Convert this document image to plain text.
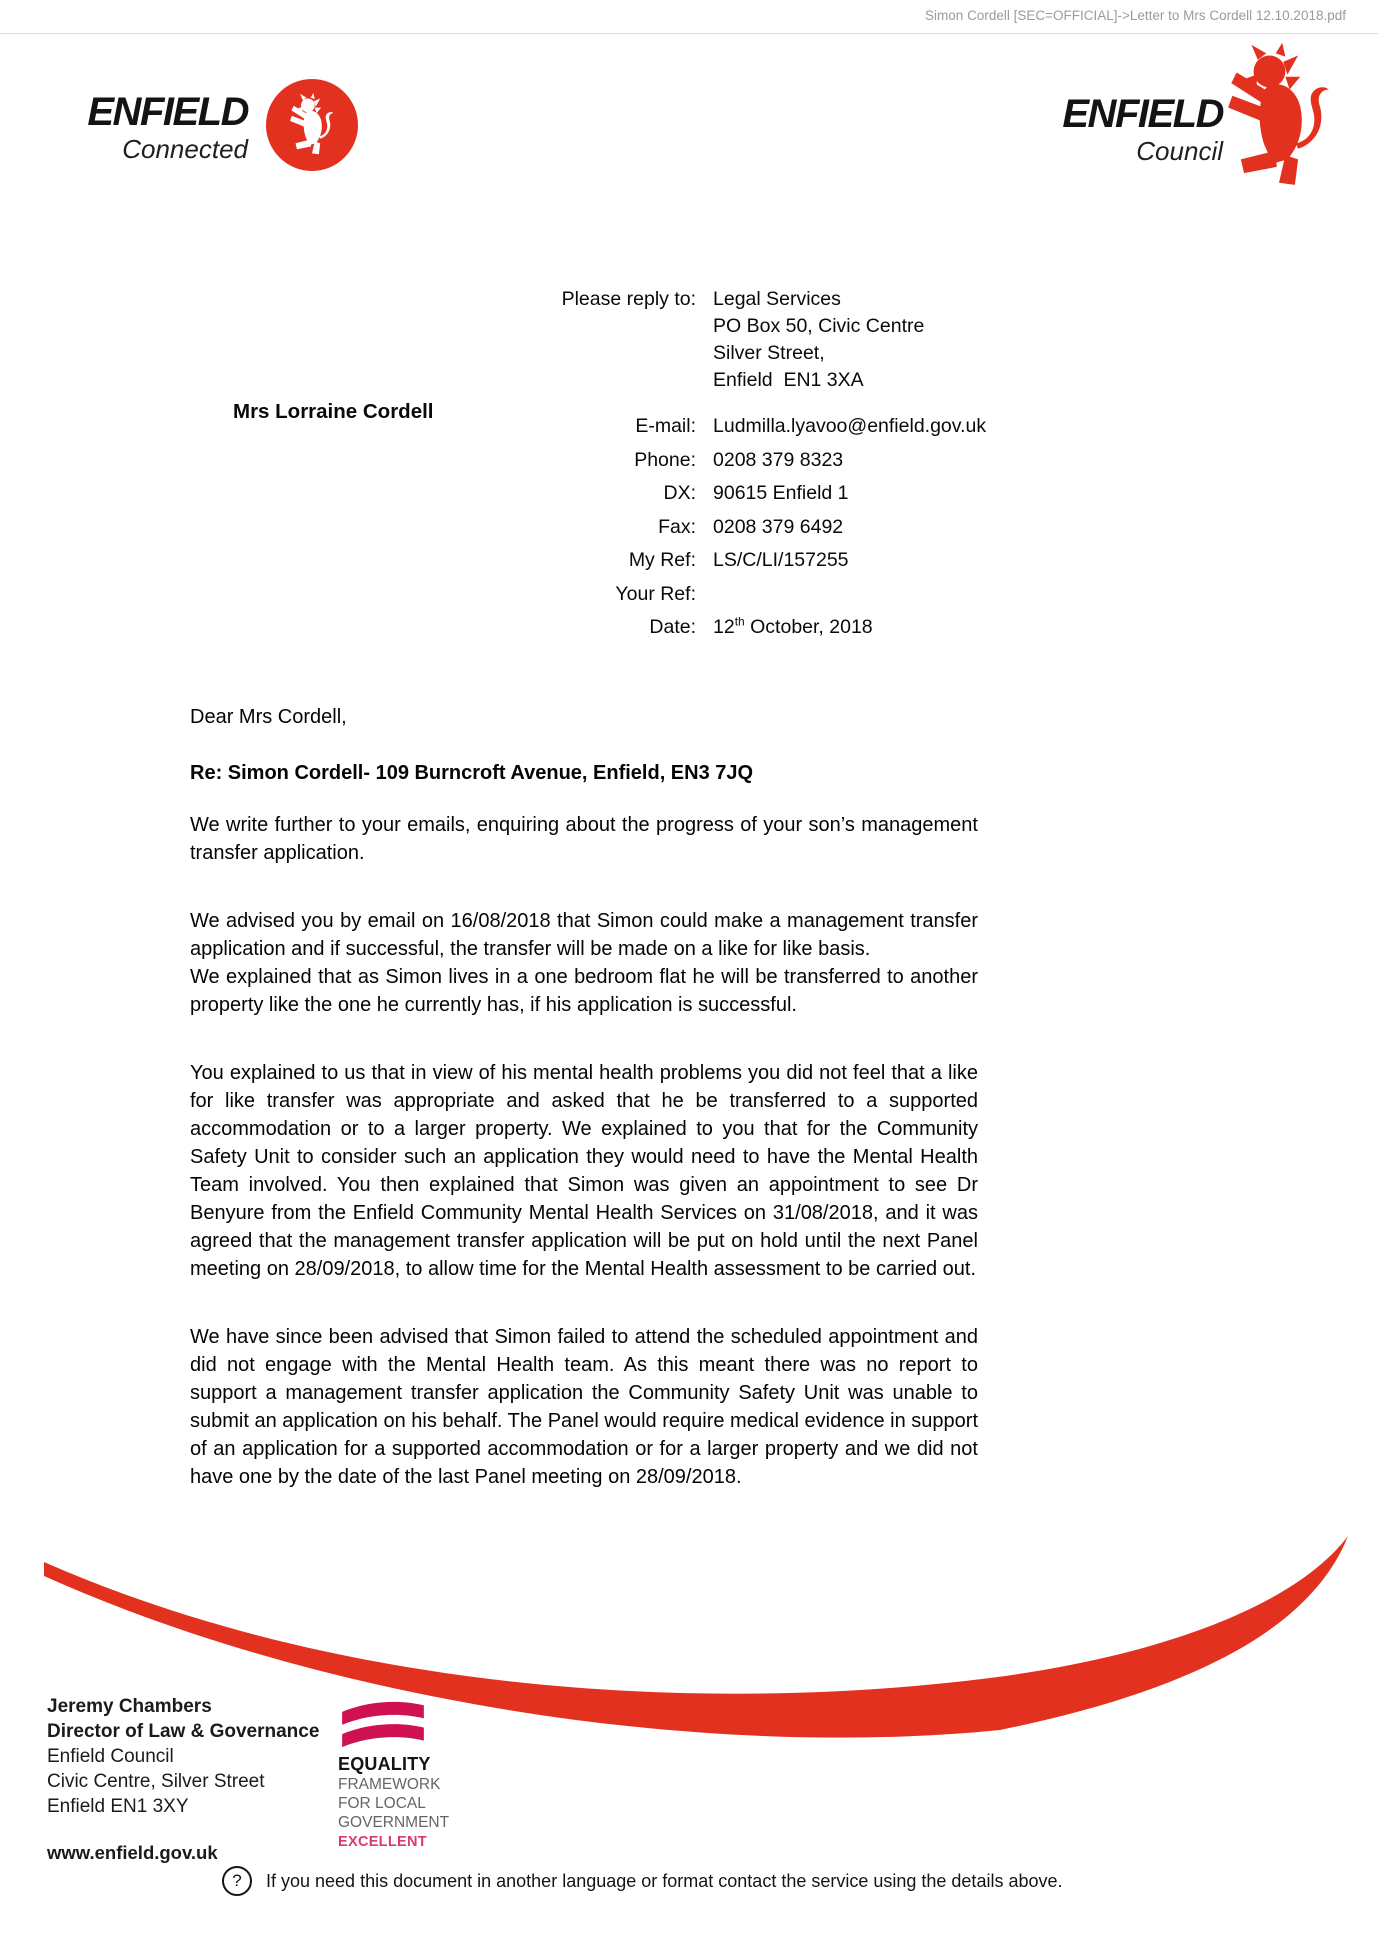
Simon Cordell [SEC=OFFICIAL]->Letter to Mrs Cordell 12.10.2018.pdf
ENFIELD
Connected
ENFIELD
Council
Mrs Lorraine Cordell
Please reply to: Legal Services
PO Box 50, Civic Centre
Silver Street,
Enfield  EN1 3XA
E-mail: Ludmilla.lyavoo@enfield.gov.uk
Phone: 0208 379 8323
DX: 90615 Enfield 1
Fax: 0208 379 6492
My Ref: LS/C/LI/157255
Your Ref:
Date: 12th October, 2018
Dear Mrs Cordell,
Re: Simon Cordell- 109 Burncroft Avenue, Enfield, EN3 7JQ
We write further to your emails, enquiring about the progress of your son’s management transfer application.
We advised you by email on 16/08/2018 that Simon could make a management transfer application and if successful, the transfer will be made on a like for like basis.
We explained that as Simon lives in a one bedroom flat he will be transferred to another property like the one he currently has, if his application is successful.
You explained to us that in view of his mental health problems you did not feel that a like for like transfer was appropriate and asked that he be transferred to a supported accommodation or to a larger property. We explained to you that for the Community Safety Unit to consider such an application they would need to have the Mental Health Team involved. You then explained that Simon was given an appointment to see Dr Benyure from the Enfield Community Mental Health Services on 31/08/2018, and it was agreed that the management transfer application will be put on hold until the next Panel meeting on 28/09/2018, to allow time for the Mental Health assessment to be carried out.
We have since been advised that Simon failed to attend the scheduled appointment and did not engage with the Mental Health team. As this meant there was no report to support a management transfer application the Community Safety Unit was unable to submit an application on his behalf. The Panel would require medical evidence in support of an application for a supported accommodation or for a larger property and we did not have one by the date of the last Panel meeting on 28/09/2018.
Jeremy Chambers
Director of Law & Governance
Enfield Council
Civic Centre, Silver Street
Enfield EN1 3XY
www.enfield.gov.uk
EQUALITY
FRAMEWORK
FOR LOCAL
GOVERNMENT
EXCELLENT
? If you need this document in another language or format contact the service using the details above.
